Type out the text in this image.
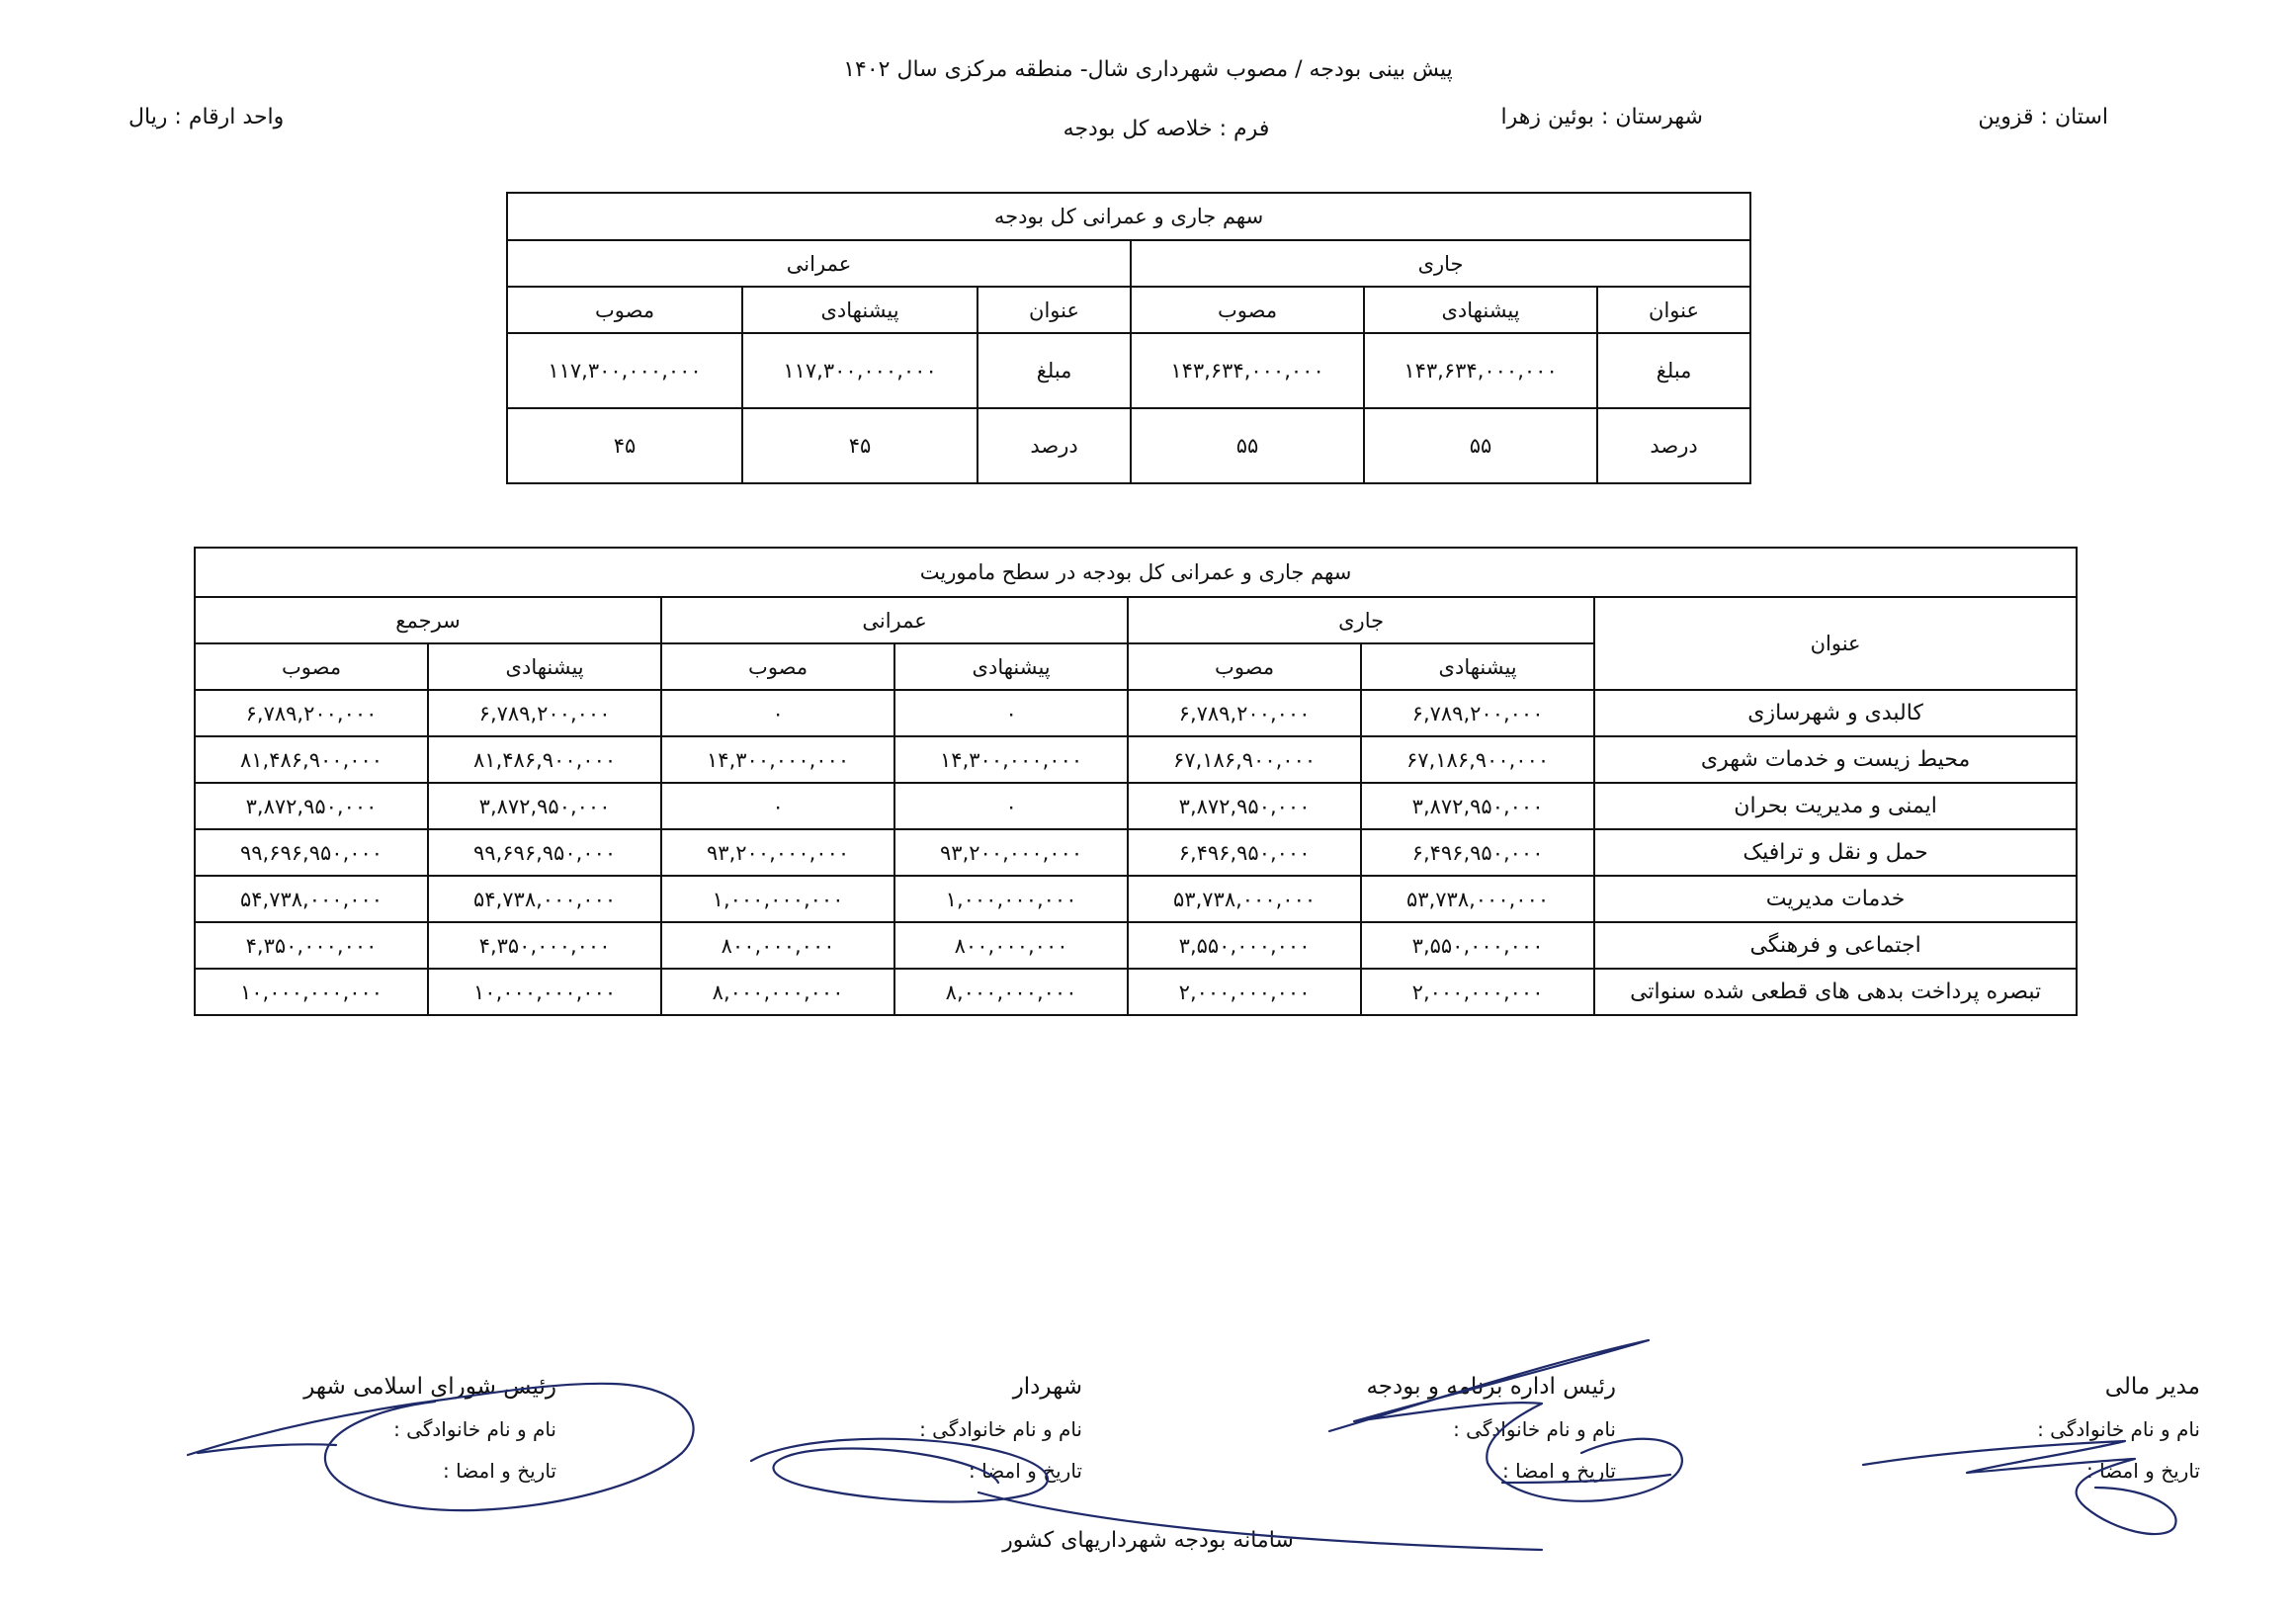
پیش بینی بودجه / مصوب شهرداری شال- منطقه مرکزی سال ۱۴۰۲
استان : قزوین
شهرستان : بوئین زهرا
فرم : خلاصه کل بودجه
واحد ارقام : ریال
سهم جاری و عمرانی کل بودجه					
جاری			عمرانی		
عنوان	پیشنهادی	مصوب	عنوان	پیشنهادی	مصوب
مبلغ	۱۴۳,۶۳۴,۰۰۰,۰۰۰	۱۴۳,۶۳۴,۰۰۰,۰۰۰	مبلغ	۱۱۷,۳۰۰,۰۰۰,۰۰۰	۱۱۷,۳۰۰,۰۰۰,۰۰۰
درصد	۵۵	۵۵	درصد	۴۵	۴۵
سهم جاری و عمرانی کل بودجه در سطح ماموریت						
عنوان	جاری		عمرانی		سرجمع	
	پیشنهادی	مصوب	پیشنهادی	مصوب	پیشنهادی	مصوب
کالبدی و شهرسازی	۶,۷۸۹,۲۰۰,۰۰۰	۶,۷۸۹,۲۰۰,۰۰۰	۰	۰	۶,۷۸۹,۲۰۰,۰۰۰	۶,۷۸۹,۲۰۰,۰۰۰
محیط زیست و خدمات شهری	۶۷,۱۸۶,۹۰۰,۰۰۰	۶۷,۱۸۶,۹۰۰,۰۰۰	۱۴,۳۰۰,۰۰۰,۰۰۰	۱۴,۳۰۰,۰۰۰,۰۰۰	۸۱,۴۸۶,۹۰۰,۰۰۰	۸۱,۴۸۶,۹۰۰,۰۰۰
ایمنی و مدیریت بحران	۳,۸۷۲,۹۵۰,۰۰۰	۳,۸۷۲,۹۵۰,۰۰۰	۰	۰	۳,۸۷۲,۹۵۰,۰۰۰	۳,۸۷۲,۹۵۰,۰۰۰
حمل و نقل و ترافیک	۶,۴۹۶,۹۵۰,۰۰۰	۶,۴۹۶,۹۵۰,۰۰۰	۹۳,۲۰۰,۰۰۰,۰۰۰	۹۳,۲۰۰,۰۰۰,۰۰۰	۹۹,۶۹۶,۹۵۰,۰۰۰	۹۹,۶۹۶,۹۵۰,۰۰۰
خدمات مدیریت	۵۳,۷۳۸,۰۰۰,۰۰۰	۵۳,۷۳۸,۰۰۰,۰۰۰	۱,۰۰۰,۰۰۰,۰۰۰	۱,۰۰۰,۰۰۰,۰۰۰	۵۴,۷۳۸,۰۰۰,۰۰۰	۵۴,۷۳۸,۰۰۰,۰۰۰
اجتماعی و فرهنگی	۳,۵۵۰,۰۰۰,۰۰۰	۳,۵۵۰,۰۰۰,۰۰۰	۸۰۰,۰۰۰,۰۰۰	۸۰۰,۰۰۰,۰۰۰	۴,۳۵۰,۰۰۰,۰۰۰	۴,۳۵۰,۰۰۰,۰۰۰
تبصره پرداخت بدهی های قطعی شده سنواتی	۲,۰۰۰,۰۰۰,۰۰۰	۲,۰۰۰,۰۰۰,۰۰۰	۸,۰۰۰,۰۰۰,۰۰۰	۸,۰۰۰,۰۰۰,۰۰۰	۱۰,۰۰۰,۰۰۰,۰۰۰	۱۰,۰۰۰,۰۰۰,۰۰۰
مدیر مالی
نام و نام خانوادگی :
تاریخ و امضا :
رئیس اداره برنامه و بودجه
نام و نام خانوادگی :
تاریخ و امضا :
شهردار
نام و نام خانوادگی :
تاریخ و امضا :
رئیس شورای اسلامی شهر
نام و نام خانوادگی :
تاریخ و امضا :
سامانه بودجه شهرداریهای کشور
